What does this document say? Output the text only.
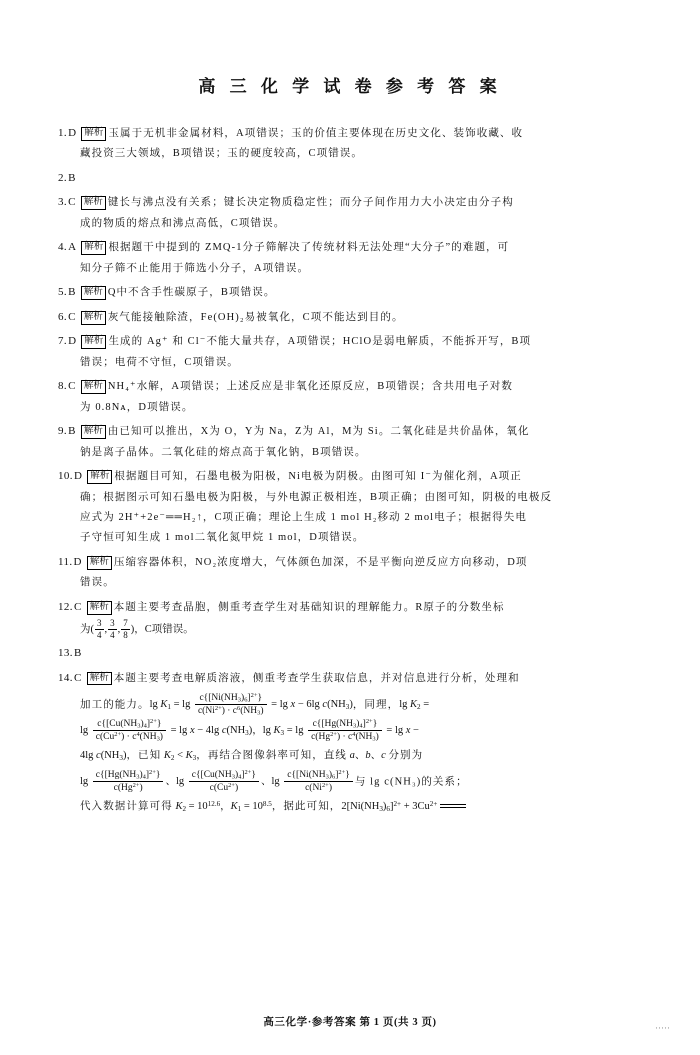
高 三 化 学 试 卷 参 考 答 案
1.D 解析 玉属于无机非金属材料，A项错误；玉的价值主要体现在历史文化、装饰收藏、收
藏投资三大领域，B项错误；玉的硬度较高，C项错误。
2.B
3.C 解析 键长与沸点没有关系；键长决定物质稳定性；而分子间作用力大小决定由分子构
成的物质的熔点和沸点高低，C项错误。
4.A 解析 根据题干中提到的 ZMQ-1分子筛解决了传统材料无法处理“大分子”的难题，可
知分子筛不止能用于筛选小分子，A项错误。
5.B 解析 Q中不含手性碳原子，B项错误。
6.C 解析 灰气能接触除渣，Fe(OH)₂易被氧化，C项不能达到目的。
7.D 解析 生成的 Ag⁺ 和 Cl⁻不能大量共存，A项错误；HClO是弱电解质，不能拆开写，B项
错误；电荷不守恒，C项错误。
8.C 解析 NH₄⁺水解，A项错误；上述反应是非氧化还原反应，B项错误；含共用电子对数
为 0.8Nᴀ，D项错误。
9.B 解析 由已知可以推出，X为 O，Y为 Na，Z为 Al，M为 Si。二氧化硅是共价晶体，氧化
钠是离子晶体。二氧化硅的熔点高于氧化钠，B项错误。
10.D 解析 根据题目可知，石墨电极为阳极，Ni电极为阴极。由图可知 I⁻为催化剂，A项正
确；根据图示可知石墨电极为阳极，与外电源正极相连，B项正确；由图可知，阴极的电极反
应式为 2H⁺+2e⁻══H₂↑，C项正确；理论上生成 1 mol H₂移动 2 mol电子；根据得失电
子守恒可知生成 1 mol二氧化氮甲烷 1 mol，D项错误。
11.D 解析 压缩容器体积，NO₂浓度增大，气体颜色加深，不是平衡向逆反应方向移动，D项
错误。
12.C 解析 本题主要考查晶胞，侧重考查学生对基础知识的理解能力。R原子的分数坐标
为( $\frac{3}{4}$ , $\frac{3}{4}$ , $\frac{7}{8}$ )，C项错误。
13.B
14.C 解析 本题主要考查电解质溶液，侧重考查学生获取信息，并对信息进行分析，处理和
加工的能力。$\lg K_1 = \lg \frac{c\{[Ni(NH_3)_6]^{2+}\}}{c(Ni^{2+}) \cdot c^6(NH_3)} = \lg x - 6\lg$ $c(NH_3)$，同理，$\lg K_2$ =
$\lg \frac{c\{[Cu(NH_3)_4]^{2+}\}}{c(Cu^{2+}) \cdot c^4(NH_3)} = \lg x - 4\lg$ $c(NH_3)$，$\lg K_3 = \lg \frac{c\{[Hg(NH_3)_4]^{2+}\}}{c(Hg^{2+}) \cdot c^4(NH_3)} = \lg x$ −
4lg $c(NH_3)$，已知 $K_2 < K_3$，再结合图像斜率可知，直线 a、b、c 分别为
$\lg \frac{c\{[Hg(NH_3)_4]^{2+}\}}{c(Hg^{2+})}$ 、$\lg \frac{c\{[Cu(NH_3)_4]^{2+}\}}{c(Cu^{2+})}$ 、$\lg \frac{c\{[Ni(NH_3)_6]^{2+}\}}{c(Ni^{2+})}$ 与 lg c(NH₃)的关系；
代入数据计算可得 $K_2 = 10^{12.6}$，$K_1 = 10^{8.5}$，据此可知，$2[Ni(NH_3)_6]^{2+} + 3Cu^{2+}$
高三化学·参考答案 第 1 页(共 3 页)	·····
